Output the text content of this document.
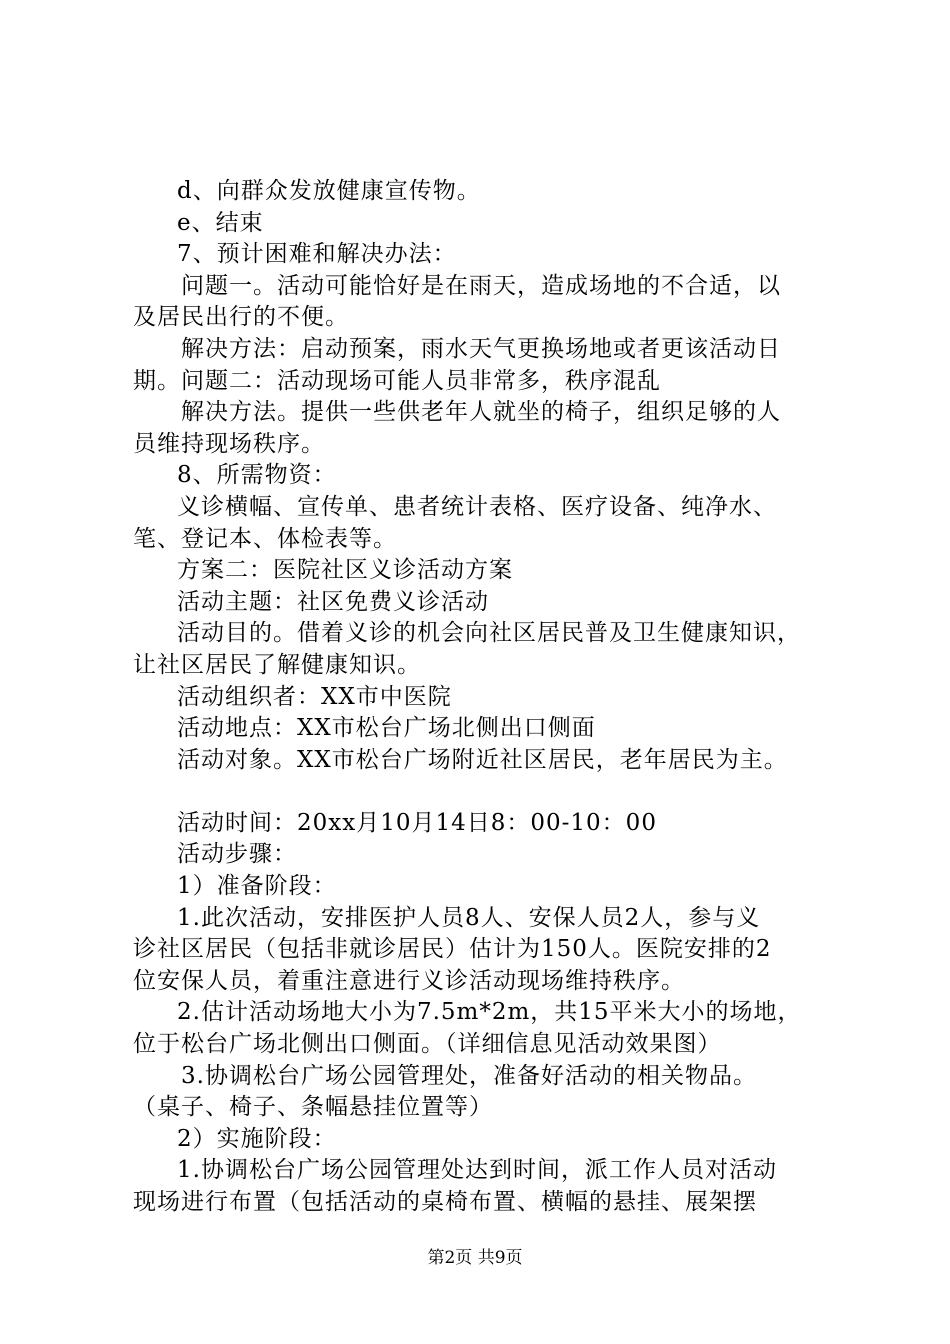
d、向群众发放健康宣传物。

e、结束

7、预计困难和解决办法：

问题一。活动可能恰好是在雨天，造成场地的不合适，以

及居民出行的不便。

解决方法：启动预案，雨水天气更换场地或者更该活动日

期。问题二：活动现场可能人员非常多，秩序混乱

解决方法。提供一些供老年人就坐的椅子，组织足够的人

员维持现场秩序。

8、所需物资：

义诊横幅、宣传单、患者统计表格、医疗设备、纯净水、

笔、登记本、体检表等。

方案二：医院社区义诊活动方案

活动主题：社区免费义诊活动

活动目的。借着义诊的机会向社区居民普及卫生健康知识，

让社区居民了解健康知识。

活动组织者：XX市中医院

活动地点：XX市松台广场北侧出口侧面

活动对象。XX市松台广场附近社区居民，老年居民为主。

活动时间：20xx月10月14日8：00-10：00

活动步骤：

1）准备阶段：

1.此次活动，安排医护人员8人、安保人员2人，参与义

诊社区居民（包括非就诊居民）估计为150人。医院安排的2

位安保人员，着重注意进行义诊活动现场维持秩序。

2.估计活动场地大小为7.5m*2m，共15平米大小的场地，

位于松台广场北侧出口侧面。（详细信息见活动效果图）

3.协调松台广场公园管理处，准备好活动的相关物品。

（桌子、椅子、条幅悬挂位置等）

2）实施阶段：

1.协调松台广场公园管理处达到时间，派工作人员对活动

现场进行布置（包括活动的桌椅布置、横幅的悬挂、展架摆

第2页 共9页
